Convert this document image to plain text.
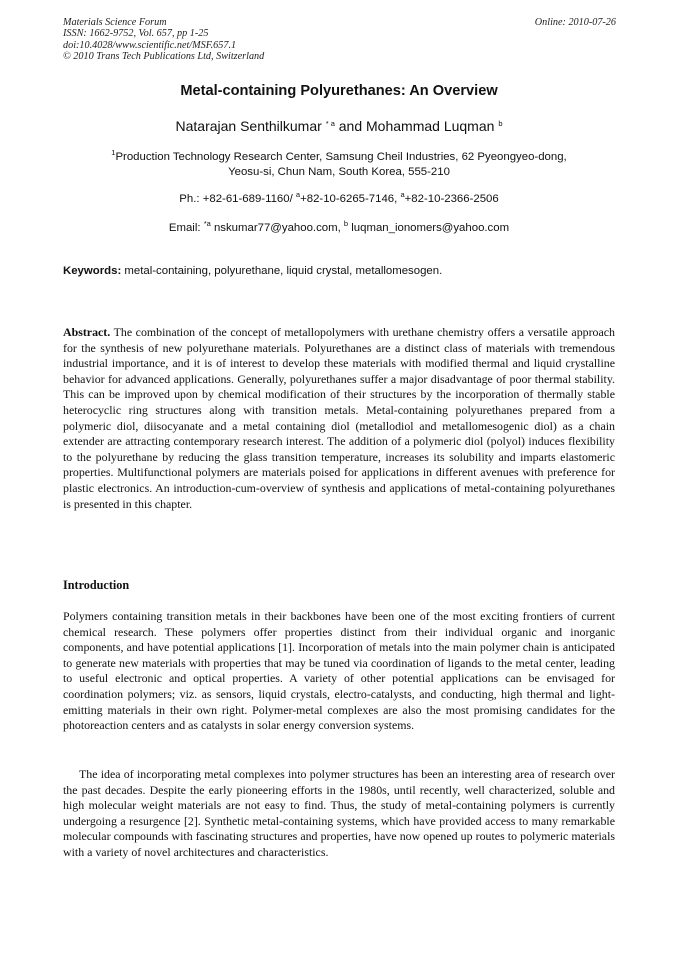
Materials Science Forum
ISSN: 1662-9752, Vol. 657, pp 1-25
doi:10.4028/www.scientific.net/MSF.657.1
© 2010 Trans Tech Publications Ltd, Switzerland
Online: 2010-07-26
Metal-containing Polyurethanes: An Overview
Natarajan Senthilkumar $^{* a}$ and Mohammad Luqman $^b$
$^1$Production Technology Research Center, Samsung Cheil Industries, 62 Pyeongyeo-dong,
Yeosu-si, Chun Nam, South Korea, 555-210
Ph.: +82-61-689-1160/ $^a$+82-10-6265-7146, $^a$+82-10-2366-2506
Email: $^{*a}$ nskumar77@yahoo.com, $^b$ luqman_ionomers@yahoo.com
Keywords: metal-containing, polyurethane, liquid crystal, metallomesogen.

Abstract. The combination of the concept of metallopolymers with urethane chemistry offers a versatile approach for the synthesis of new polyurethane materials. Polyurethanes are a distinct class of materials with tremendous industrial importance, and it is of interest to develop these materials with modified thermal and liquid crystalline behavior for advanced applications. Generally, polyurethanes suffer a major disadvantage of poor thermal stability. This can be improved upon by chemical modification of their structures by the incorporation of thermally stable heterocyclic ring structures along with transition metals. Metal-containing polyurethanes prepared from a polymeric diol, diisocyanate and a metal containing diol (metallodiol and metallomesogenic diol) as a chain extender are attracting contemporary research interest. The addition of a polymeric diol (polyol) induces flexibility to the polyurethane by reducing the glass transition temperature, increases its solubility and imparts elastomeric properties. Multifunctional polymers are materials poised for applications in different avenues with preference for plastic electronics. An introduction-cum-overview of synthesis and applications of metal-containing polyurethanes is presented in this chapter.

Introduction

Polymers containing transition metals in their backbones have been one of the most exciting frontiers of current chemical research. These polymers offer properties distinct from their individual organic and inorganic components, and have potential applications [1]. Incorporation of metals into the main polymer chain is anticipated to generate new materials with properties that may be tuned via coordination of ligands to the metal center, leading to useful electronic and optical properties. A variety of other potential applications can be envisaged for coordination polymers; viz. as sensors, liquid crystals, electro-catalysts, and conducting, high thermal and light-emitting materials in their own right. Polymer-metal complexes are also the most promising candidates for the photoreaction centers and as catalysts in solar energy conversion systems.

The idea of incorporating metal complexes into polymer structures has been an interesting area of research over the past decades. Despite the early pioneering efforts in the 1980s, until recently, well characterized, soluble and high molecular weight materials are not easy to find. Thus, the study of metal-containing polymers is currently undergoing a resurgence [2]. Synthetic metal-containing systems, which have provided access to many remarkable molecular compounds with fascinating structures and properties, have now opened up routes to polymeric materials with a variety of novel architectures and characteristics.
